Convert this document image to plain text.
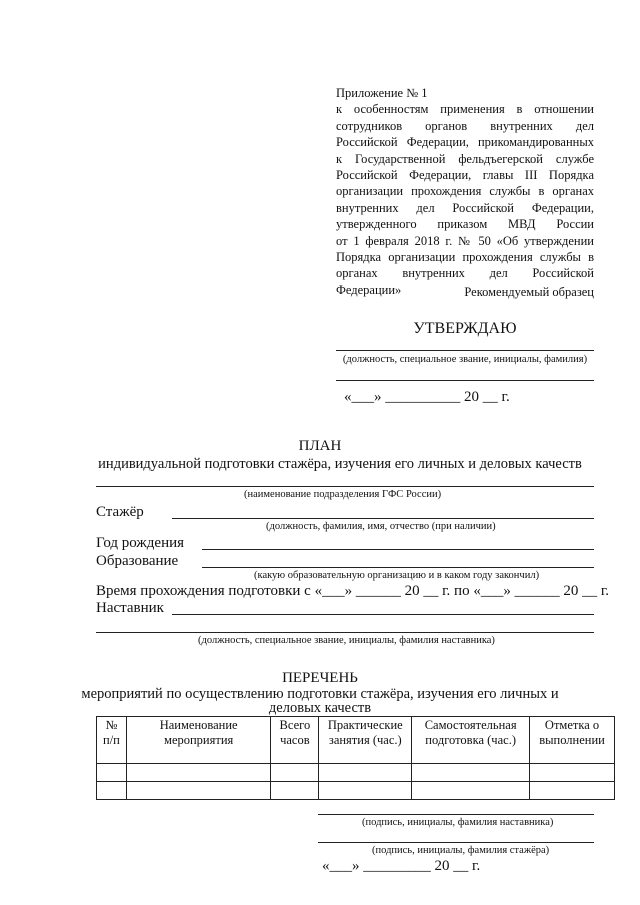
Приложение № 1
к особенностям применения в отношении
сотрудников органов внутренних дел
Российской Федерации, прикомандированных
к Государственной фельдъегерской службе
Российской Федерации, главы III Порядка
организации прохождения службы в органах
внутренних дел Российской Федерации,
утвержденного приказом МВД России
от 1 февраля 2018 г. № 50 «Об утверждении
Порядка организации прохождения службы в
органах внутренних дел Российской
Федерации»	Рекомендуемый образец
УТВЕРЖДАЮ
(должность, специальное звание, инициалы, фамилия)
«___» __________ 20 __ г.
ПЛАН
индивидуальной подготовки стажёра, изучения его личных и деловых качеств
(наименование подразделения ГФС России)
Стажёр
(должность, фамилия, имя, отчество (при наличии)
Год рождения
Образование
(какую образовательную организацию и в каком году закончил)
Время прохождения подготовки с «___» ______ 20 __ г. по «___» ______ 20 __ г.
Наставник
(должность, специальное звание, инициалы, фамилия наставника)
ПЕРЕЧЕНЬ
мероприятий по осуществлению подготовки стажёра, изучения его личных и
деловых качеств
№ п/п	Наименование мероприятия	Всего часов	Практические занятия (час.)	Самостоятельная подготовка (час.)	Отметка о выполнении

(подпись, инициалы, фамилия наставника)
(подпись, инициалы, фамилия стажёра)
«___» _________ 20 __ г.
